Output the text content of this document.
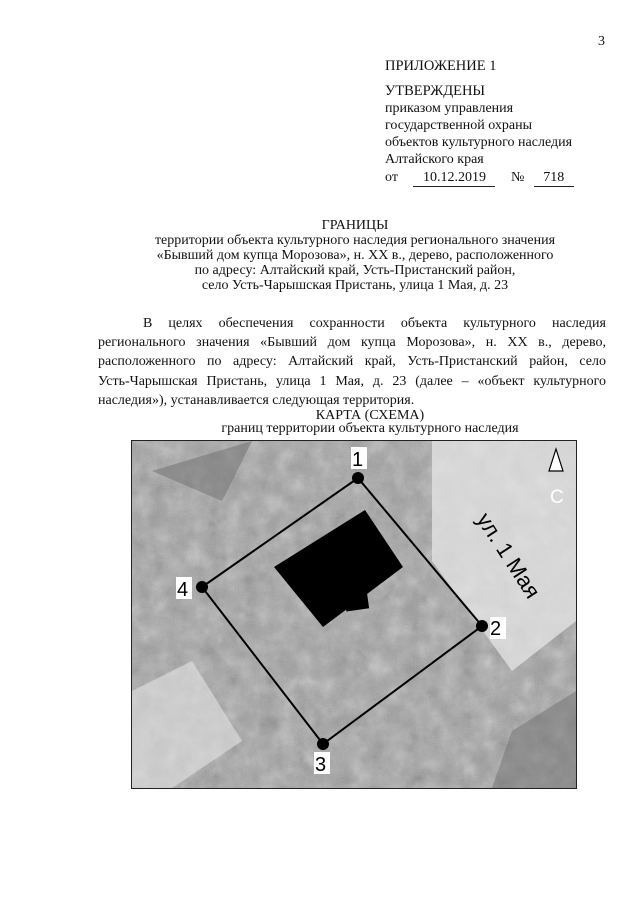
3
ПРИЛОЖЕНИЕ 1
УТВЕРЖДЕНЫ
приказом управления
государственной охраны
объектов культурного наследия
Алтайского края
от 10.12.2019 № 718
ГРАНИЦЫ
территории объекта культурного наследия регионального значения
«Бывший дом купца Морозова», н. XX в., дерево, расположенного
по адресу: Алтайский край, Усть-Пристанский район,
село Усть-Чарышская Пристань, улица 1 Мая, д. 23
В целях обеспечения сохранности объекта культурного наследия
регионального значения «Бывший дом купца Морозова», н. XX в., дерево,
расположенного по адресу: Алтайский край, Усть-Пристанский район, село
Усть-Чарышская Пристань, улица 1 Мая, д. 23 (далее – «объект культурного
наследия»), устанавливается следующая территория.
КАРТА (СХЕМА)
границ территории объекта культурного наследия
1
2
3
4	ул. 1 Мая
С
